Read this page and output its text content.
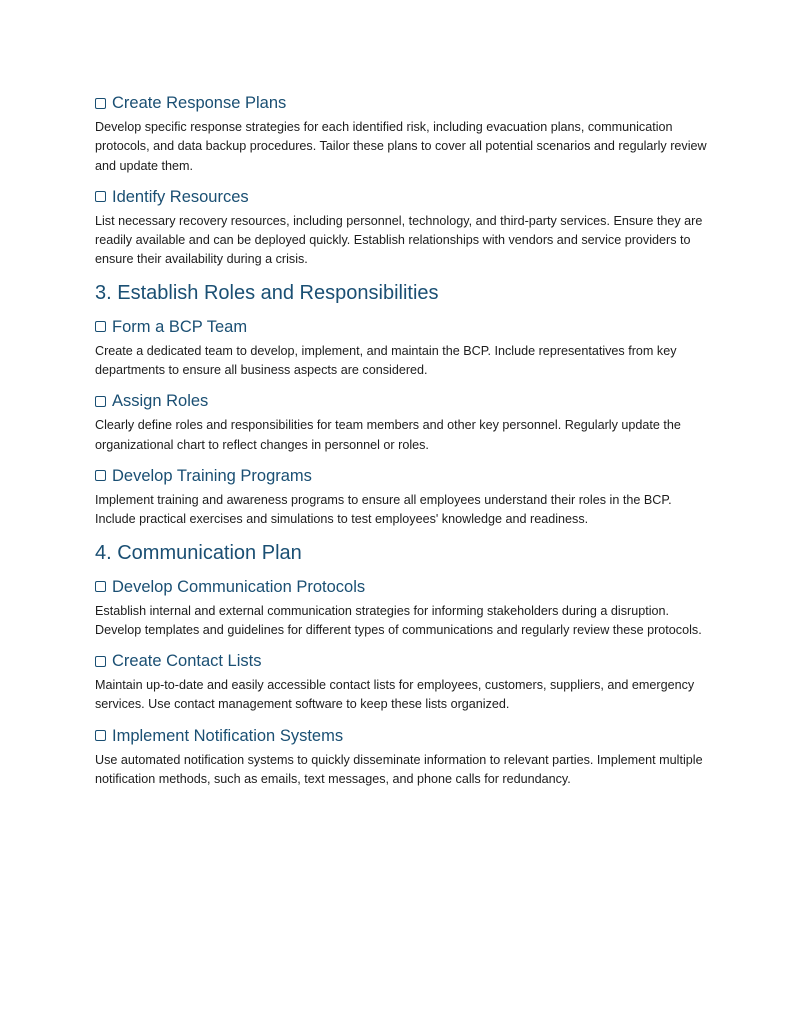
Create Response Plans

Develop specific response strategies for each identified risk, including evacuation plans, communication protocols, and data backup procedures. Tailor these plans to cover all potential scenarios and regularly review and update them.

Identify Resources

List necessary recovery resources, including personnel, technology, and third-party services. Ensure they are readily available and can be deployed quickly. Establish relationships with vendors and service providers to ensure their availability during a crisis.

3. Establish Roles and Responsibilities
Form a BCP Team

Create a dedicated team to develop, implement, and maintain the BCP. Include representatives from key departments to ensure all business aspects are considered.

Assign Roles

Clearly define roles and responsibilities for team members and other key personnel. Regularly update the organizational chart to reflect changes in personnel or roles.

Develop Training Programs

Implement training and awareness programs to ensure all employees understand their roles in the BCP. Include practical exercises and simulations to test employees' knowledge and readiness.

4. Communication Plan
Develop Communication Protocols

Establish internal and external communication strategies for informing stakeholders during a disruption. Develop templates and guidelines for different types of communications and regularly review these protocols.

Create Contact Lists

Maintain up-to-date and easily accessible contact lists for employees, customers, suppliers, and emergency services. Use contact management software to keep these lists organized.

Implement Notification Systems

Use automated notification systems to quickly disseminate information to relevant parties. Implement multiple notification methods, such as emails, text messages, and phone calls for redundancy.
